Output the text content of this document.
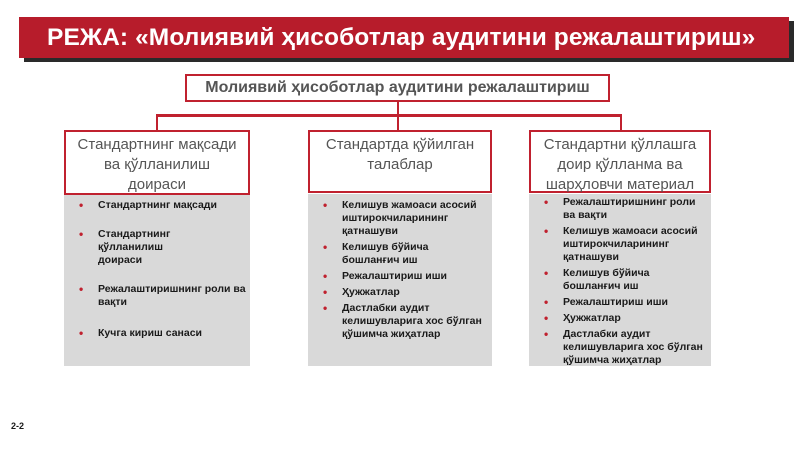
РЕЖА: «Молиявий ҳисоботлар аудитини режалаштириш»
Молиявий ҳисоботлар аудитини режалаштириш
Стандартнинг мақсади
ва қўлланилиш
доираси
Стандартда қўйилган
талаблар
Стандартни қўллашга
доир қўлланма ва
шарҳловчи материал
• Стандартнинг мақсади
• Стандартнинг қўлланилиш доираси
• Режалаштиришнинг роли ва вақти
• Кучга кириш санаси
• Келишув жамоаси асосий иштирокчиларининг қатнашуви
• Келишув бўйича бошланғич иш
• Режалаштириш иши
• Ҳужжатлар
• Дастлабки аудит келишувларига хос бўлган қўшимча жиҳатлар
• Режалаштиришнинг роли ва вақти
• Келишув жамоаси асосий иштирокчиларининг қатнашуви
• Келишув бўйича бошланғич иш
• Режалаштириш иши
• Ҳужжатлар
• Дастлабки аудит келишувларига хос бўлган қўшимча жиҳатлар
2-2
